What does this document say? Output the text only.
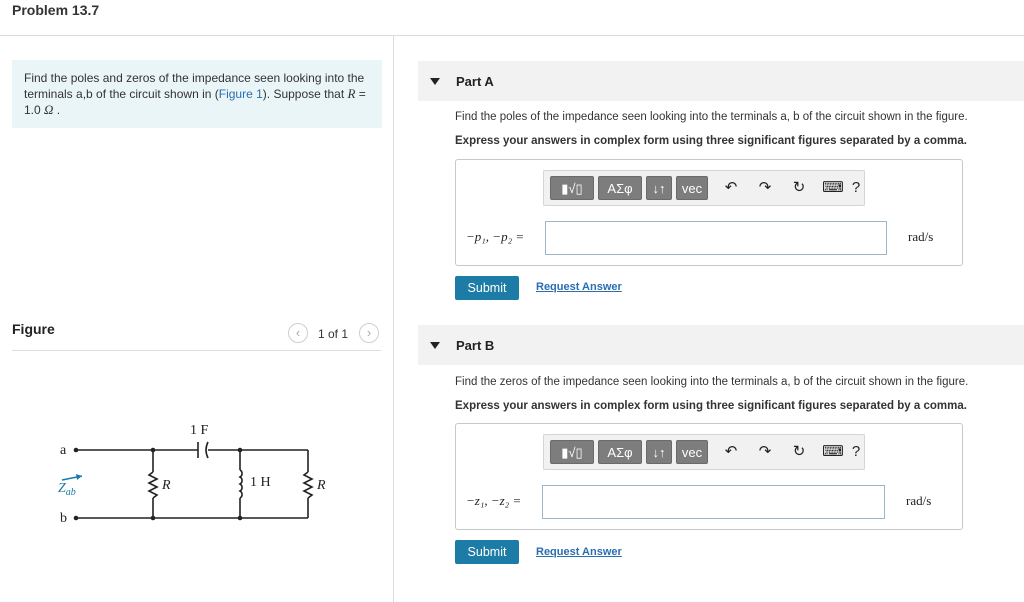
Problem 13.7
Find the poles and zeros of the impedance seen looking into the terminals a,b of the circuit shown in (Figure 1). Suppose that R =
1.0 Ω .
Figure	‹	1 of 1	›
a
b
$Z_{ab}$
1 F
R	1 H	R
Part A
Find the poles of the impedance seen looking into the terminals a, b of the circuit shown in the figure.
Express your answers in complex form using three significant figures separated by a comma.
▮√▯	ΑΣφ	↓↑	vec	↶	↷	↻	⌨ ?
−p₁, −p₂ =	rad/s
Submit	Request Answer
Part B
Find the zeros of the impedance seen looking into the terminals a, b of the circuit shown in the figure.
Express your answers in complex form using three significant figures separated by a comma.
▮√▯	ΑΣφ	↓↑	vec	↶	↷	↻	⌨ ?
−z₁, −z₂ =	rad/s
Submit	Request Answer
